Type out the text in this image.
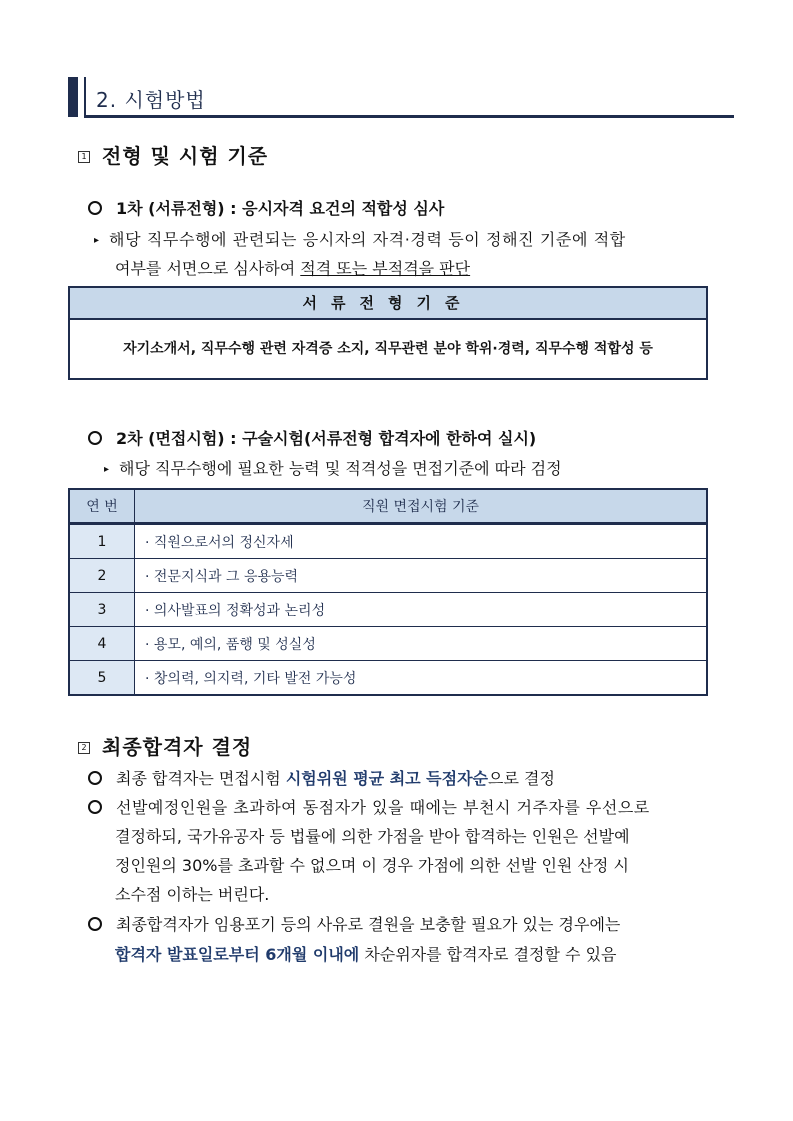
2. 시험방법
1 전형 및 시험 기준
1차 (서류전형) : 응시자격 요건의 적합성 심사
▸ 해당 직무수행에 관련되는 응시자의 자격·경력 등이 정해진 기준에 적합
여부를 서면으로 심사하여 적격 또는 부적격을 판단
서류전형기준
자기소개서, 직무수행 관련 자격증 소지, 직무관련 분야 학위·경력, 직무수행 적합성 등
2차 (면접시험) : 구술시험(서류전형 합격자에 한하여 실시)
▸ 해당 직무수행에 필요한 능력 및 적격성을 면접기준에 따라 검정
연 번	직원 면접시험 기준
1	· 직원으로서의 정신자세
2	· 전문지식과 그 응용능력
3	· 의사발표의 정확성과 논리성
4	· 용모, 예의, 품행 및 성실성
5	· 창의력, 의지력, 기타 발전 가능성
2 최종합격자 결정
최종 합격자는 면접시험 시험위원 평균 최고 득점자순으로 결정
선발예정인원을 초과하여 동점자가 있을 때에는 부천시 거주자를 우선으로
결정하되, 국가유공자 등 법률에 의한 가점을 받아 합격하는 인원은 선발예
정인원의 30%를 초과할 수 없으며 이 경우 가점에 의한 선발 인원 산정 시
소수점 이하는 버린다.
최종합격자가 임용포기 등의 사유로 결원을 보충할 필요가 있는 경우에는
합격자 발표일로부터 6개월 이내에 차순위자를 합격자로 결정할 수 있음
